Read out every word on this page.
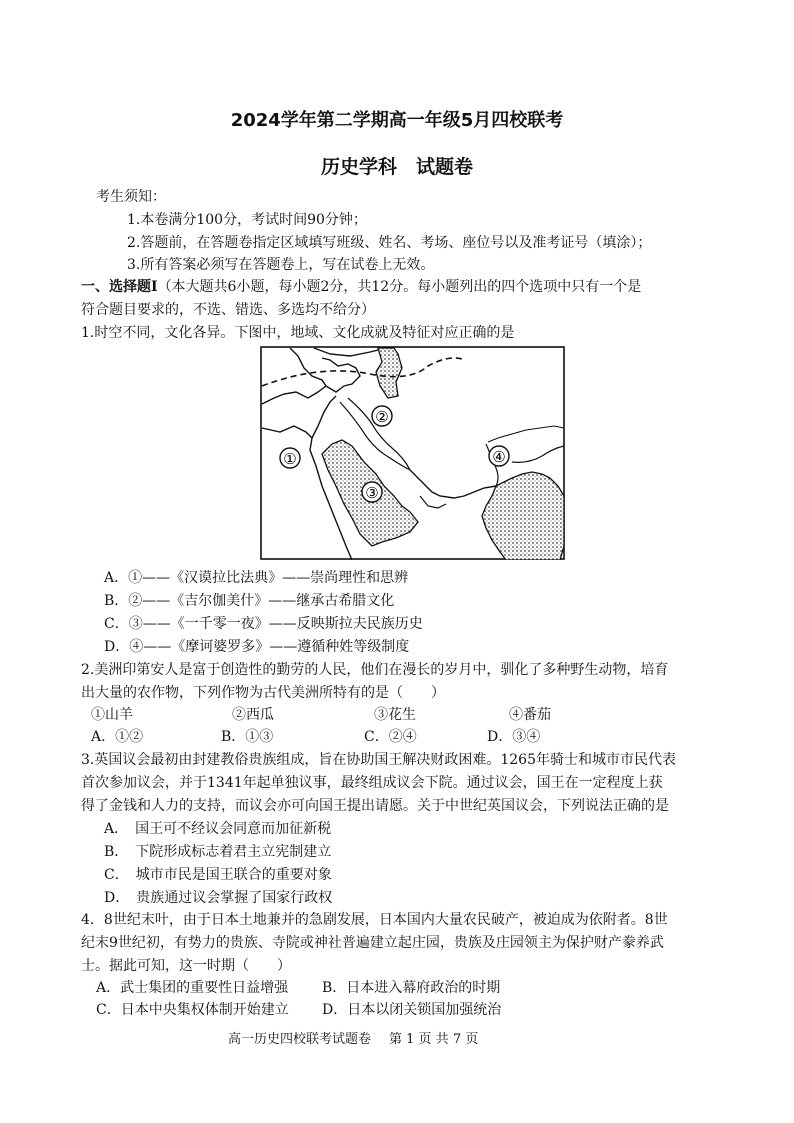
2024学年第二学期高一年级5月四校联考
历史学科　试题卷
考生须知：
1.本卷满分100分，考试时间90分钟；
2.答题前，在答题卷指定区域填写班级、姓名、考场、座位号以及准考证号（填涂）；
3.所有答案必须写在答题卷上，写在试卷上无效。
一、选择题Ⅰ（本大题共6小题，每小题2分，共12分。每小题列出的四个选项中只有一个是
符合题目要求的，不选、错选、多选均不给分）
1.时空不同，文化各异。下图中，地域、文化成就及特征对应正确的是
①
②
③
④
A．①——《汉谟拉比法典》——崇尚理性和思辨
B．②——《吉尔伽美什》——继承古希腊文化
C．③——《一千零一夜》——反映斯拉夫民族历史
D．④——《摩诃婆罗多》——遵循种姓等级制度
2.美洲印第安人是富于创造性的勤劳的人民，他们在漫长的岁月中，驯化了多种野生动物，培育
出大量的农作物，下列作物为古代美洲所特有的是（　　）
①山羊	②西瓜	③花生	④番茄
A．①②	B．①③	C．②④	D．③④
3.英国议会最初由封建教俗贵族组成，旨在协助国王解决财政困难。1265年骑士和城市市民代表
首次参加议会，并于1341年起单独议事，最终组成议会下院。通过议会，国王在一定程度上获
得了金钱和人力的支持，而议会亦可向国王提出请愿。关于中世纪英国议会，下列说法正确的是
A．　国王可不经议会同意而加征新税
B．　下院形成标志着君主立宪制建立
C．　城市市民是国王联合的重要对象
D．　贵族通过议会掌握了国家行政权
4．8世纪末叶，由于日本土地兼并的急剧发展，日本国内大量农民破产，被迫成为依附者。8世
纪末9世纪初，有势力的贵族、寺院或神社普遍建立起庄园，贵族及庄园领主为保护财产豢养武
士。据此可知，这一时期（　　）
A．武士集团的重要性日益增强 B．日本进入幕府政治的时期
C．日本中央集权体制开始建立 D．日本以闭关锁国加强统治
高一历史四校联考试题卷 第 1 页 共 7 页
